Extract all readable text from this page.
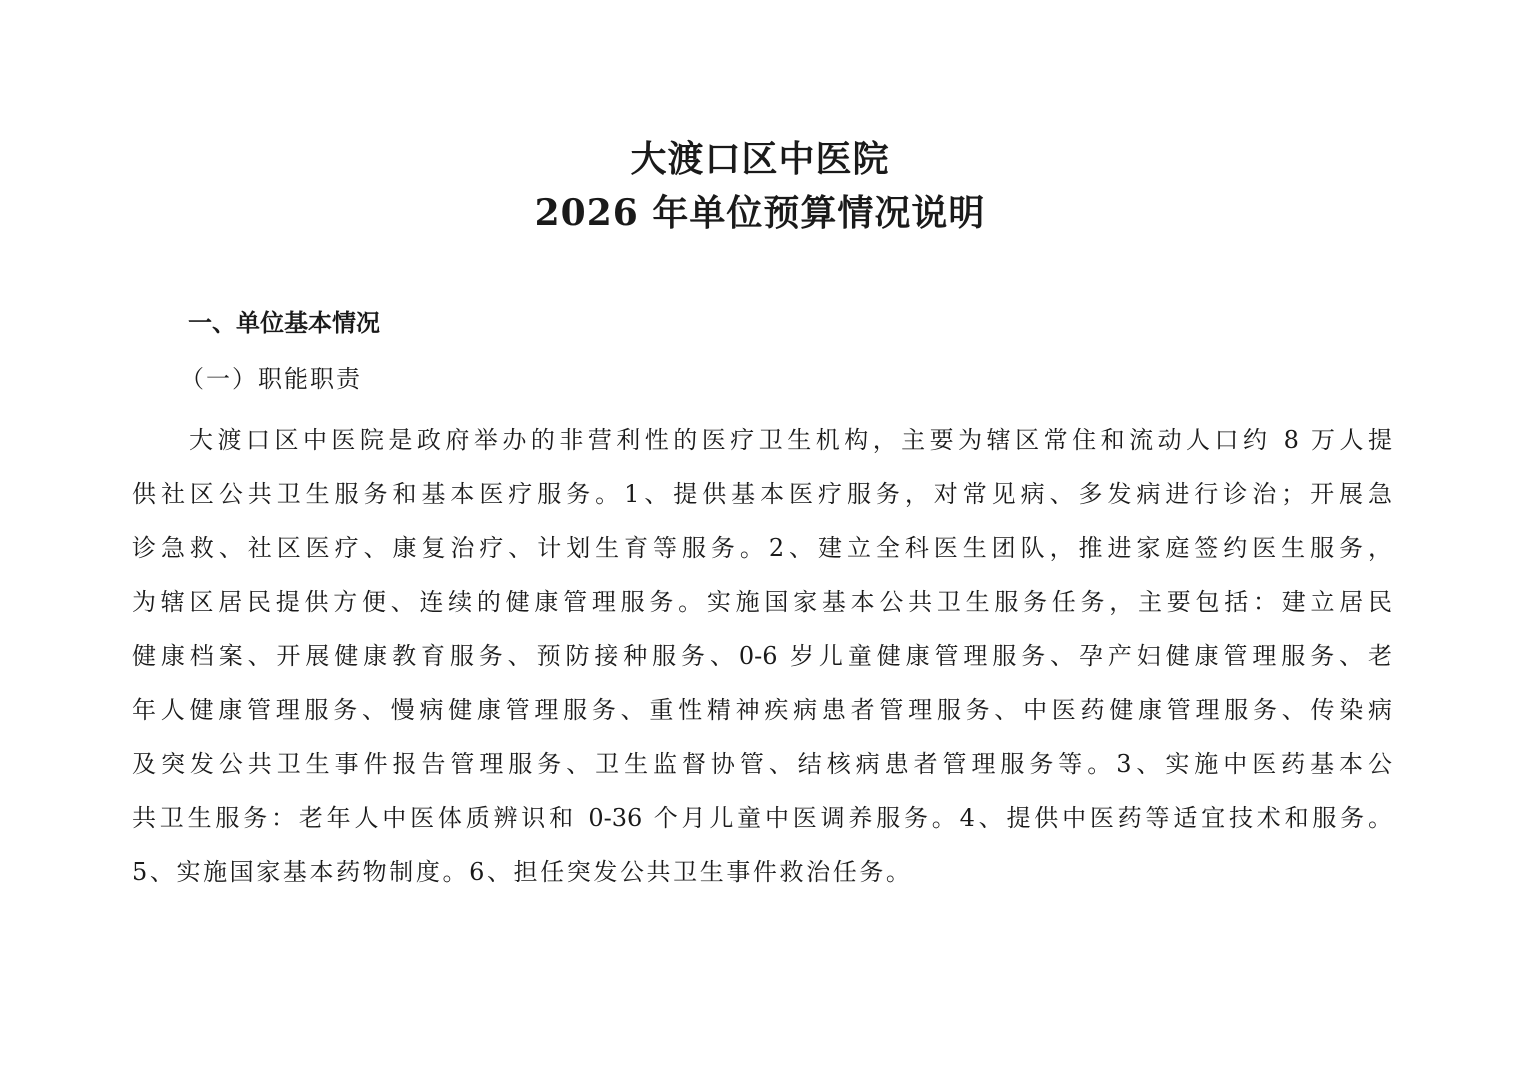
大渡口区中医院
2026 年单位预算情况说明
一、单位基本情况
（一）职能职责
大渡口区中医院是政府举办的非营利性的医疗卫生机构，主要为辖区常住和流动人口约 8 万人提
供社区公共卫生服务和基本医疗服务。1、提供基本医疗服务，对常见病、多发病进行诊治；开展急
诊急救、社区医疗、康复治疗、计划生育等服务。2、建立全科医生团队，推进家庭签约医生服务，
为辖区居民提供方便、连续的健康管理服务。实施国家基本公共卫生服务任务，主要包括：建立居民
健康档案、开展健康教育服务、预防接种服务、0-6 岁儿童健康管理服务、孕产妇健康管理服务、老
年人健康管理服务、慢病健康管理服务、重性精神疾病患者管理服务、中医药健康管理服务、传染病
及突发公共卫生事件报告管理服务、卫生监督协管、结核病患者管理服务等。3、实施中医药基本公
共卫生服务：老年人中医体质辨识和 0-36 个月儿童中医调养服务。4、提供中医药等适宜技术和服务。
5、实施国家基本药物制度。6、担任突发公共卫生事件救治任务。
